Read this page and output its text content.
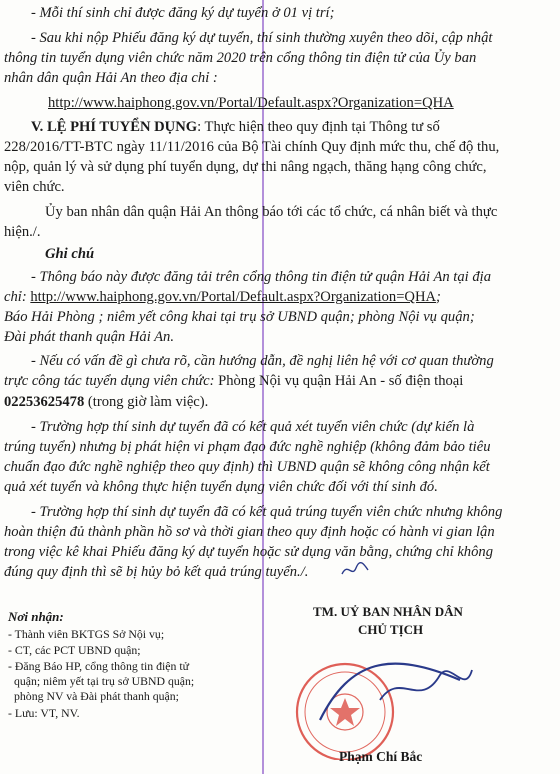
- Mỗi thí sinh chỉ được đăng ký dự tuyển ở 01 vị trí;
- Sau khi nộp Phiếu đăng ký dự tuyển, thí sinh thường xuyên theo dõi, cập nhật
thông tin tuyển dụng viên chức năm 2020 trên cổng thông tin điện tử của Ủy ban
nhân dân quận Hải An theo địa chỉ :
http://www.haiphong.gov.vn/Portal/Default.aspx?Organization=QHA
V. LỆ PHÍ TUYỂN DỤNG: Thực hiện theo quy định tại Thông tư số
228/2016/TT-BTC ngày 11/11/2016 của Bộ Tài chính Quy định mức thu, chế độ thu,
nộp, quản lý và sử dụng phí tuyển dụng, dự thi nâng ngạch, thăng hạng công chức,
viên chức.
Ủy ban nhân dân quận Hải An thông báo tới các tổ chức, cá nhân biết và thực
hiện./.
Ghi chú
- Thông báo này được đăng tải trên cổng thông tin điện tử quận Hải An tại địa
chỉ: http://www.haiphong.gov.vn/Portal/Default.aspx?Organization=QHA;
Báo Hải Phòng ; niêm yết công khai tại trụ sở UBND quận; phòng Nội vụ quận;
Đài phát thanh quận Hải An.
- Nếu có vấn đề gì chưa rõ, cần hướng dẫn, đề nghị liên hệ với cơ quan thường
trực công tác tuyển dụng viên chức: Phòng Nội vụ quận Hải An - số điện thoại
02253625478 (trong giờ làm việc).
- Trường hợp thí sinh dự tuyển đã có kết quả xét tuyển viên chức (dự kiến là
trúng tuyển) nhưng bị phát hiện vi phạm đạo đức nghề nghiệp (không đảm bảo tiêu
chuẩn đạo đức nghề nghiệp theo quy định) thì UBND quận sẽ không công nhận kết
quả xét tuyển và không thực hiện tuyển dụng viên chức đối với thí sinh đó.
- Trường hợp thí sinh dự tuyển đã có kết quả trúng tuyển viên chức nhưng không
hoàn thiện đủ thành phần hồ sơ và thời gian theo quy định hoặc có hành vi gian lận
trong việc kê khai Phiếu đăng ký dự tuyển hoặc sử dụng văn bằng, chứng chỉ không
đúng quy định thì sẽ bị hủy bỏ kết quả trúng tuyển./.
Nơi nhận:
- Thành viên BKTGS Sở Nội vụ;
- CT, các PCT UBND quận;
- Đăng Báo HP, cổng thông tin điện tử
quận; niêm yết tại trụ sở UBND quận;
phòng NV và Đài phát thanh quận;
- Lưu: VT, NV.
TM. UỶ BAN NHÂN DÂN
CHỦ TỊCH
Phạm Chí Bắc
